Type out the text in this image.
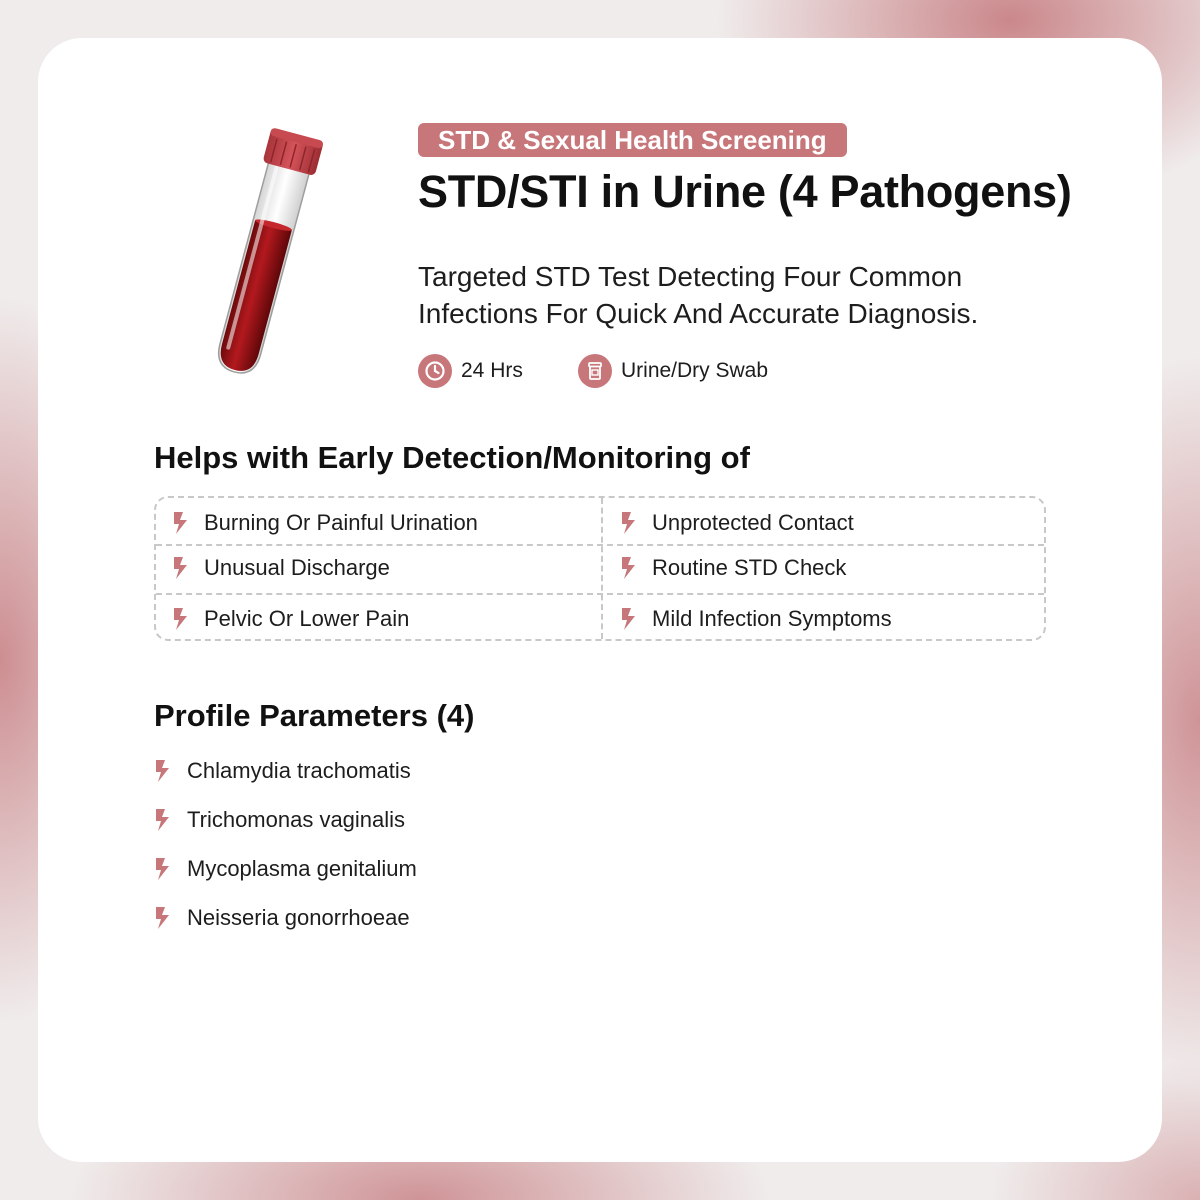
STD & Sexual Health Screening
STD/STI in Urine (4 Pathogens)
Targeted STD Test Detecting Four Common Infections For Quick And Accurate Diagnosis.
24 Hrs	Urine/Dry Swab
Helps with Early Detection/Monitoring of
Burning Or Painful Urination	Unprotected Contact
Unusual Discharge	Routine STD Check
Pelvic Or Lower Pain	Mild Infection Symptoms
Profile Parameters (4)
Chlamydia trachomatis
Trichomonas vaginalis
Mycoplasma genitalium
Neisseria gonorrhoeae
